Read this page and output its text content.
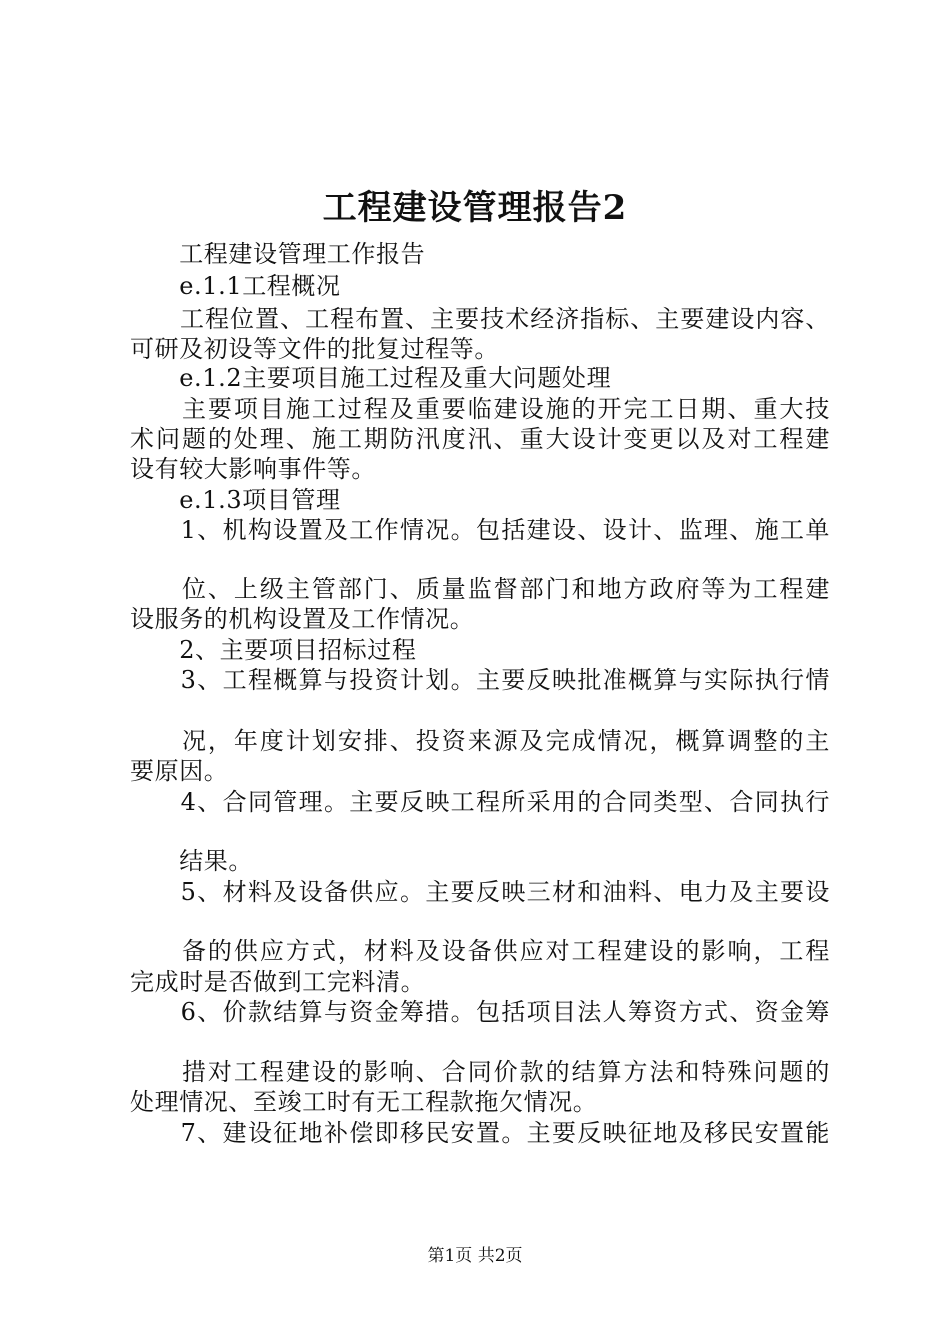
工程建设管理报告2
　　工程建设管理工作报告
　　e.1.1工程概况
　　工程位置、工程布置、主要技术经济指标、主要建设内容、
可研及初设等文件的批复过程等。
　　e.1.2主要项目施工过程及重大问题处理
　　主要项目施工过程及重要临建设施的开完工日期、重大技
术问题的处理、施工期防汛度汛、重大设计变更以及对工程建
设有较大影响事件等。
　　e.1.3项目管理
　　1、机构设置及工作情况。包括建设、设计、监理、施工单
　　位、上级主管部门、质量监督部门和地方政府等为工程建
设服务的机构设置及工作情况。
　　2、主要项目招标过程
　　3、工程概算与投资计划。主要反映批准概算与实际执行情
　　况，年度计划安排、投资来源及完成情况，概算调整的主
要原因。
　　4、合同管理。主要反映工程所采用的合同类型、合同执行
　　结果。
　　5、材料及设备供应。主要反映三材和油料、电力及主要设
　　备的供应方式，材料及设备供应对工程建设的影响，工程
完成时是否做到工完料清。
　　6、价款结算与资金筹措。包括项目法人筹资方式、资金筹
　　措对工程建设的影响、合同价款的结算方法和特殊问题的
处理情况、至竣工时有无工程款拖欠情况。
　　7、建设征地补偿即移民安置。主要反映征地及移民安置能
第1页 共2页
